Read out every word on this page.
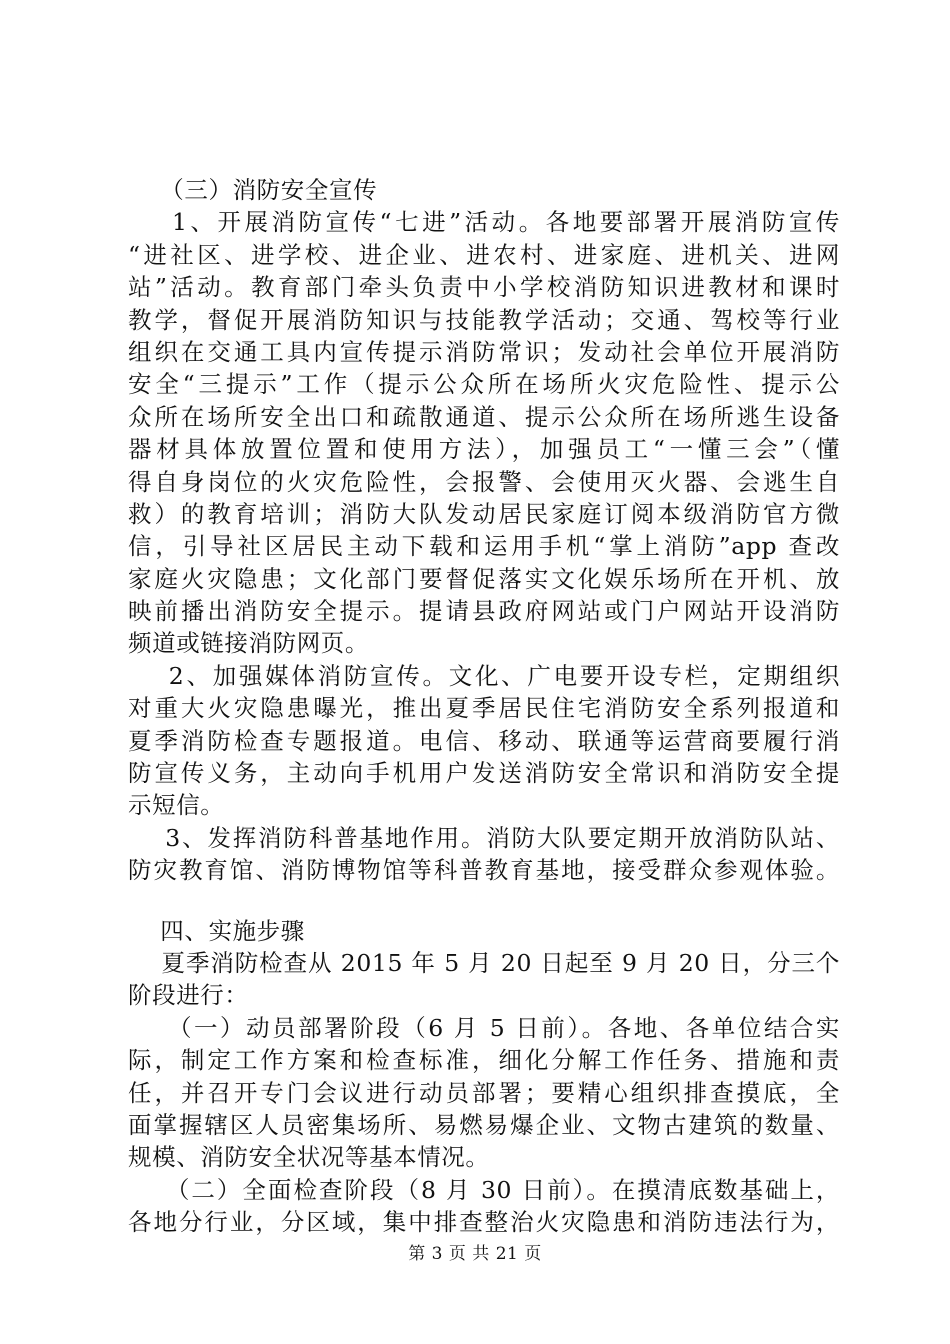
（三）消防安全宣传
1、开展消防宣传“七进”活动。各地要部署开展消防宣传
“进社区、进学校、进企业、进农村、进家庭、进机关、进网
站”活动。教育部门牵头负责中小学校消防知识进教材和课时
教学，督促开展消防知识与技能教学活动；交通、驾校等行业
组织在交通工具内宣传提示消防常识；发动社会单位开展消防
安全“三提示”工作（提示公众所在场所火灾危险性、提示公
众所在场所安全出口和疏散通道、提示公众所在场所逃生设备
器材具体放置位置和使用方法），加强员工“一懂三会”（懂
得自身岗位的火灾危险性，会报警、会使用灭火器、会逃生自
救）的教育培训；消防大队发动居民家庭订阅本级消防官方微
信，引导社区居民主动下载和运用手机“掌上消防”app 查改
家庭火灾隐患；文化部门要督促落实文化娱乐场所在开机、放
映前播出消防安全提示。提请县政府网站或门户网站开设消防
频道或链接消防网页。
2、加强媒体消防宣传。文化、广电要开设专栏，定期组织
对重大火灾隐患曝光，推出夏季居民住宅消防安全系列报道和
夏季消防检查专题报道。电信、移动、联通等运营商要履行消
防宣传义务，主动向手机用户发送消防安全常识和消防安全提
示短信。
3、发挥消防科普基地作用。消防大队要定期开放消防队站、
防灾教育馆、消防博物馆等科普教育基地，接受群众参观体验。
四、实施步骤
夏季消防检查从 2015 年 5 月 20 日起至 9 月 20 日，分三个
阶段进行：
（一）动员部署阶段（6 月 5 日前）。各地、各单位结合实
际，制定工作方案和检查标准，细化分解工作任务、措施和责
任，并召开专门会议进行动员部署；要精心组织排查摸底，全
面掌握辖区人员密集场所、易燃易爆企业、文物古建筑的数量、
规模、消防安全状况等基本情况。
（二）全面检查阶段（8 月 30 日前）。在摸清底数基础上，
各地分行业，分区域，集中排查整治火灾隐患和消防违法行为，
第 3 页 共 21 页
